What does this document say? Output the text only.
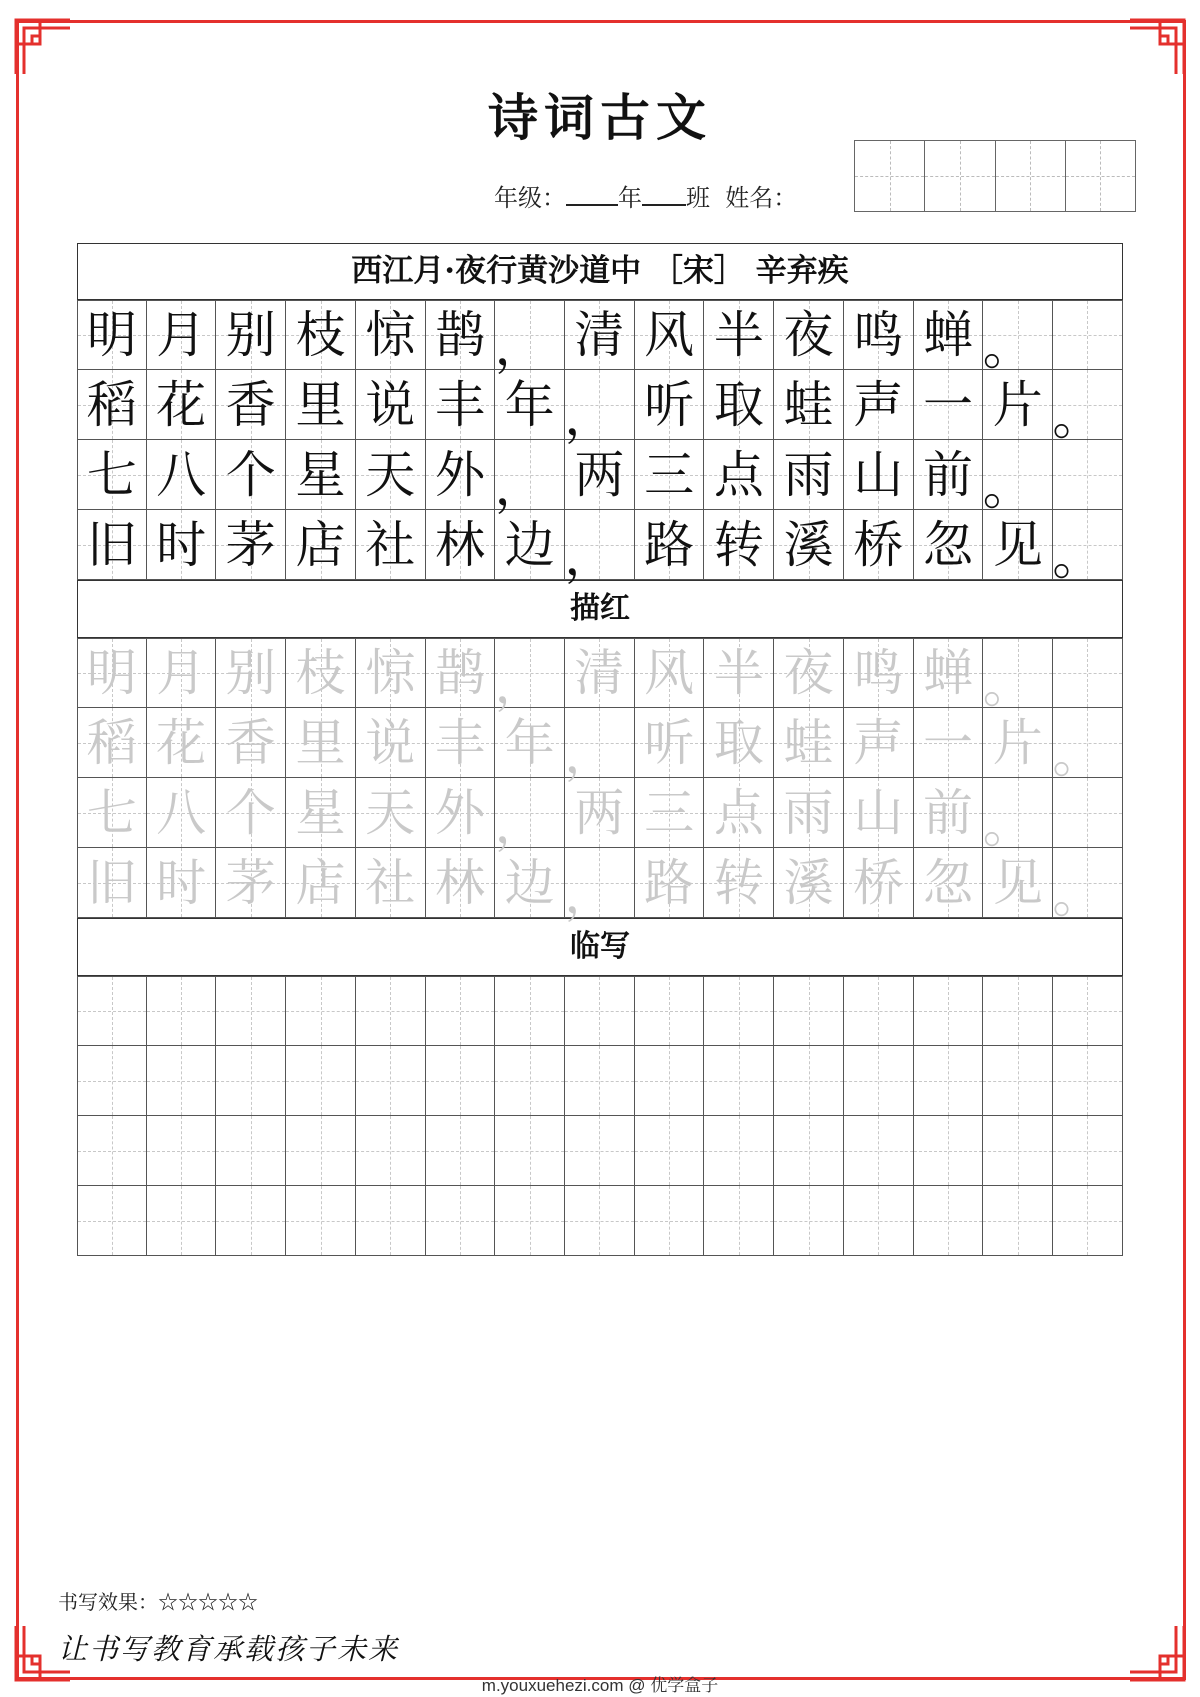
诗词古文
年级： 年 班 姓名：
西江月·夜行黄沙道中 ［宋］ 辛弃疾
明 月 别 枝 惊 鹊 ， 清 风 半 夜 鸣 蝉 。
稻 花 香 里 说 丰 年 ， 听 取 蛙 声 一 片 。
七 八 个 星 天 外 ， 两 三 点 雨 山 前 。
旧 时 茅 店 社 林 边 ， 路 转 溪 桥 忽 见 。
描红
明 月 别 枝 惊 鹊 ， 清 风 半 夜 鸣 蝉 。
稻 花 香 里 说 丰 年 ， 听 取 蛙 声 一 片 。
七 八 个 星 天 外 ， 两 三 点 雨 山 前 。
旧 时 茅 店 社 林 边 ， 路 转 溪 桥 忽 见 。
临写
书写效果：☆☆☆☆☆
让书写教育承载孩子未来
m.youxuehezi.com @ 优学盒子
